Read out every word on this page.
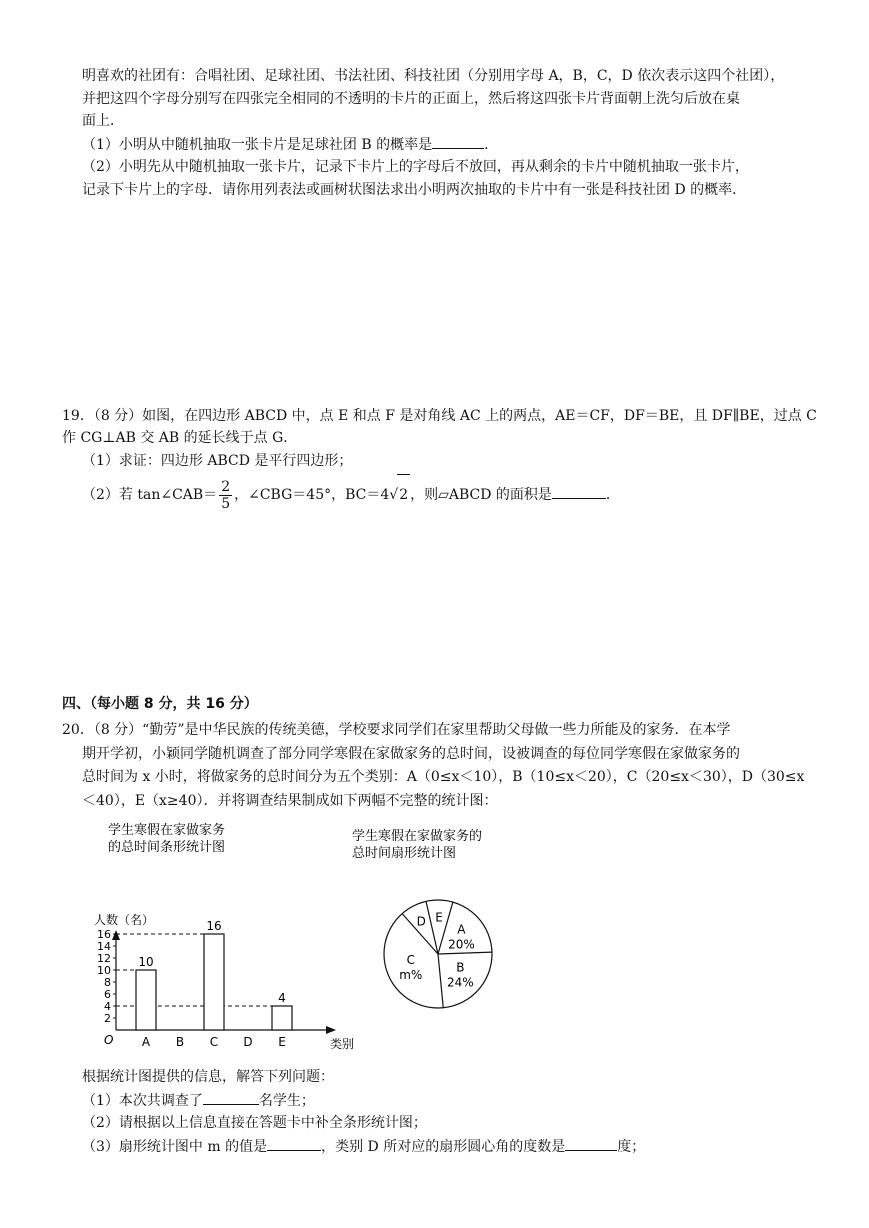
明喜欢的社团有：合唱社团、足球社团、书法社团、科技社团（分别用字母 A，B，C，D 依次表示这四个社团），
并把这四个字母分别写在四张完全相同的不透明的卡片的正面上，然后将这四张卡片背面朝上洗匀后放在桌
面上．
（1）小明从中随机抽取一张卡片是足球社团 B 的概率是	．
（2）小明先从中随机抽取一张卡片，记录下卡片上的字母后不放回，再从剩余的卡片中随机抽取一张卡片，
记录下卡片上的字母．请你用列表法或画树状图法求出小明两次抽取的卡片中有一张是科技社团 D 的概率．
19．（8 分）如图，在四边形 ABCD 中，点 E 和点 F 是对角线 AC 上的两点，AE＝CF，DF＝BE，且 DF∥BE，过点 C
作 CG⊥AB 交 AB 的延长线于点 G．
（1）求证：四边形 ABCD 是平行四边形；
（2）若 tan∠CAB＝ $\frac{2}{5}$ ，∠CBG＝45°，BC＝4√2 ，则▱ABCD 的面积是	．
四、（每小题 8 分，共 16 分）
20．（8 分）“勤劳”是中华民族的传统美德，学校要求同学们在家里帮助父母做一些力所能及的家务．在本学
期开学初，小颖同学随机调查了部分同学寒假在家做家务的总时间，设被调查的每位同学寒假在家做家务的
总时间为 x 小时，将做家务的总时间分为五个类别：A（0≤x＜10），B（10≤x＜20），C（20≤x＜30），D（30≤x
＜40），E（x≥40）．并将调查结果制成如下两幅不完整的统计图：
学生寒假在家做家务
的总时间条形统计图
人数（名）
类别
O
2
4
6
8
10
12
14
16
A
10
B C
16
D E
4
学生寒假在家做家务的
总时间扇形统计图
A
20%
B
24%
C
m%
D E
根据统计图提供的信息，解答下列问题：
（1）本次共调查了	名学生；
（2）请根据以上信息直接在答题卡中补全条形统计图；
（3）扇形统计图中 m 的值是	，类别 D 所对应的扇形圆心角的度数是	度；
